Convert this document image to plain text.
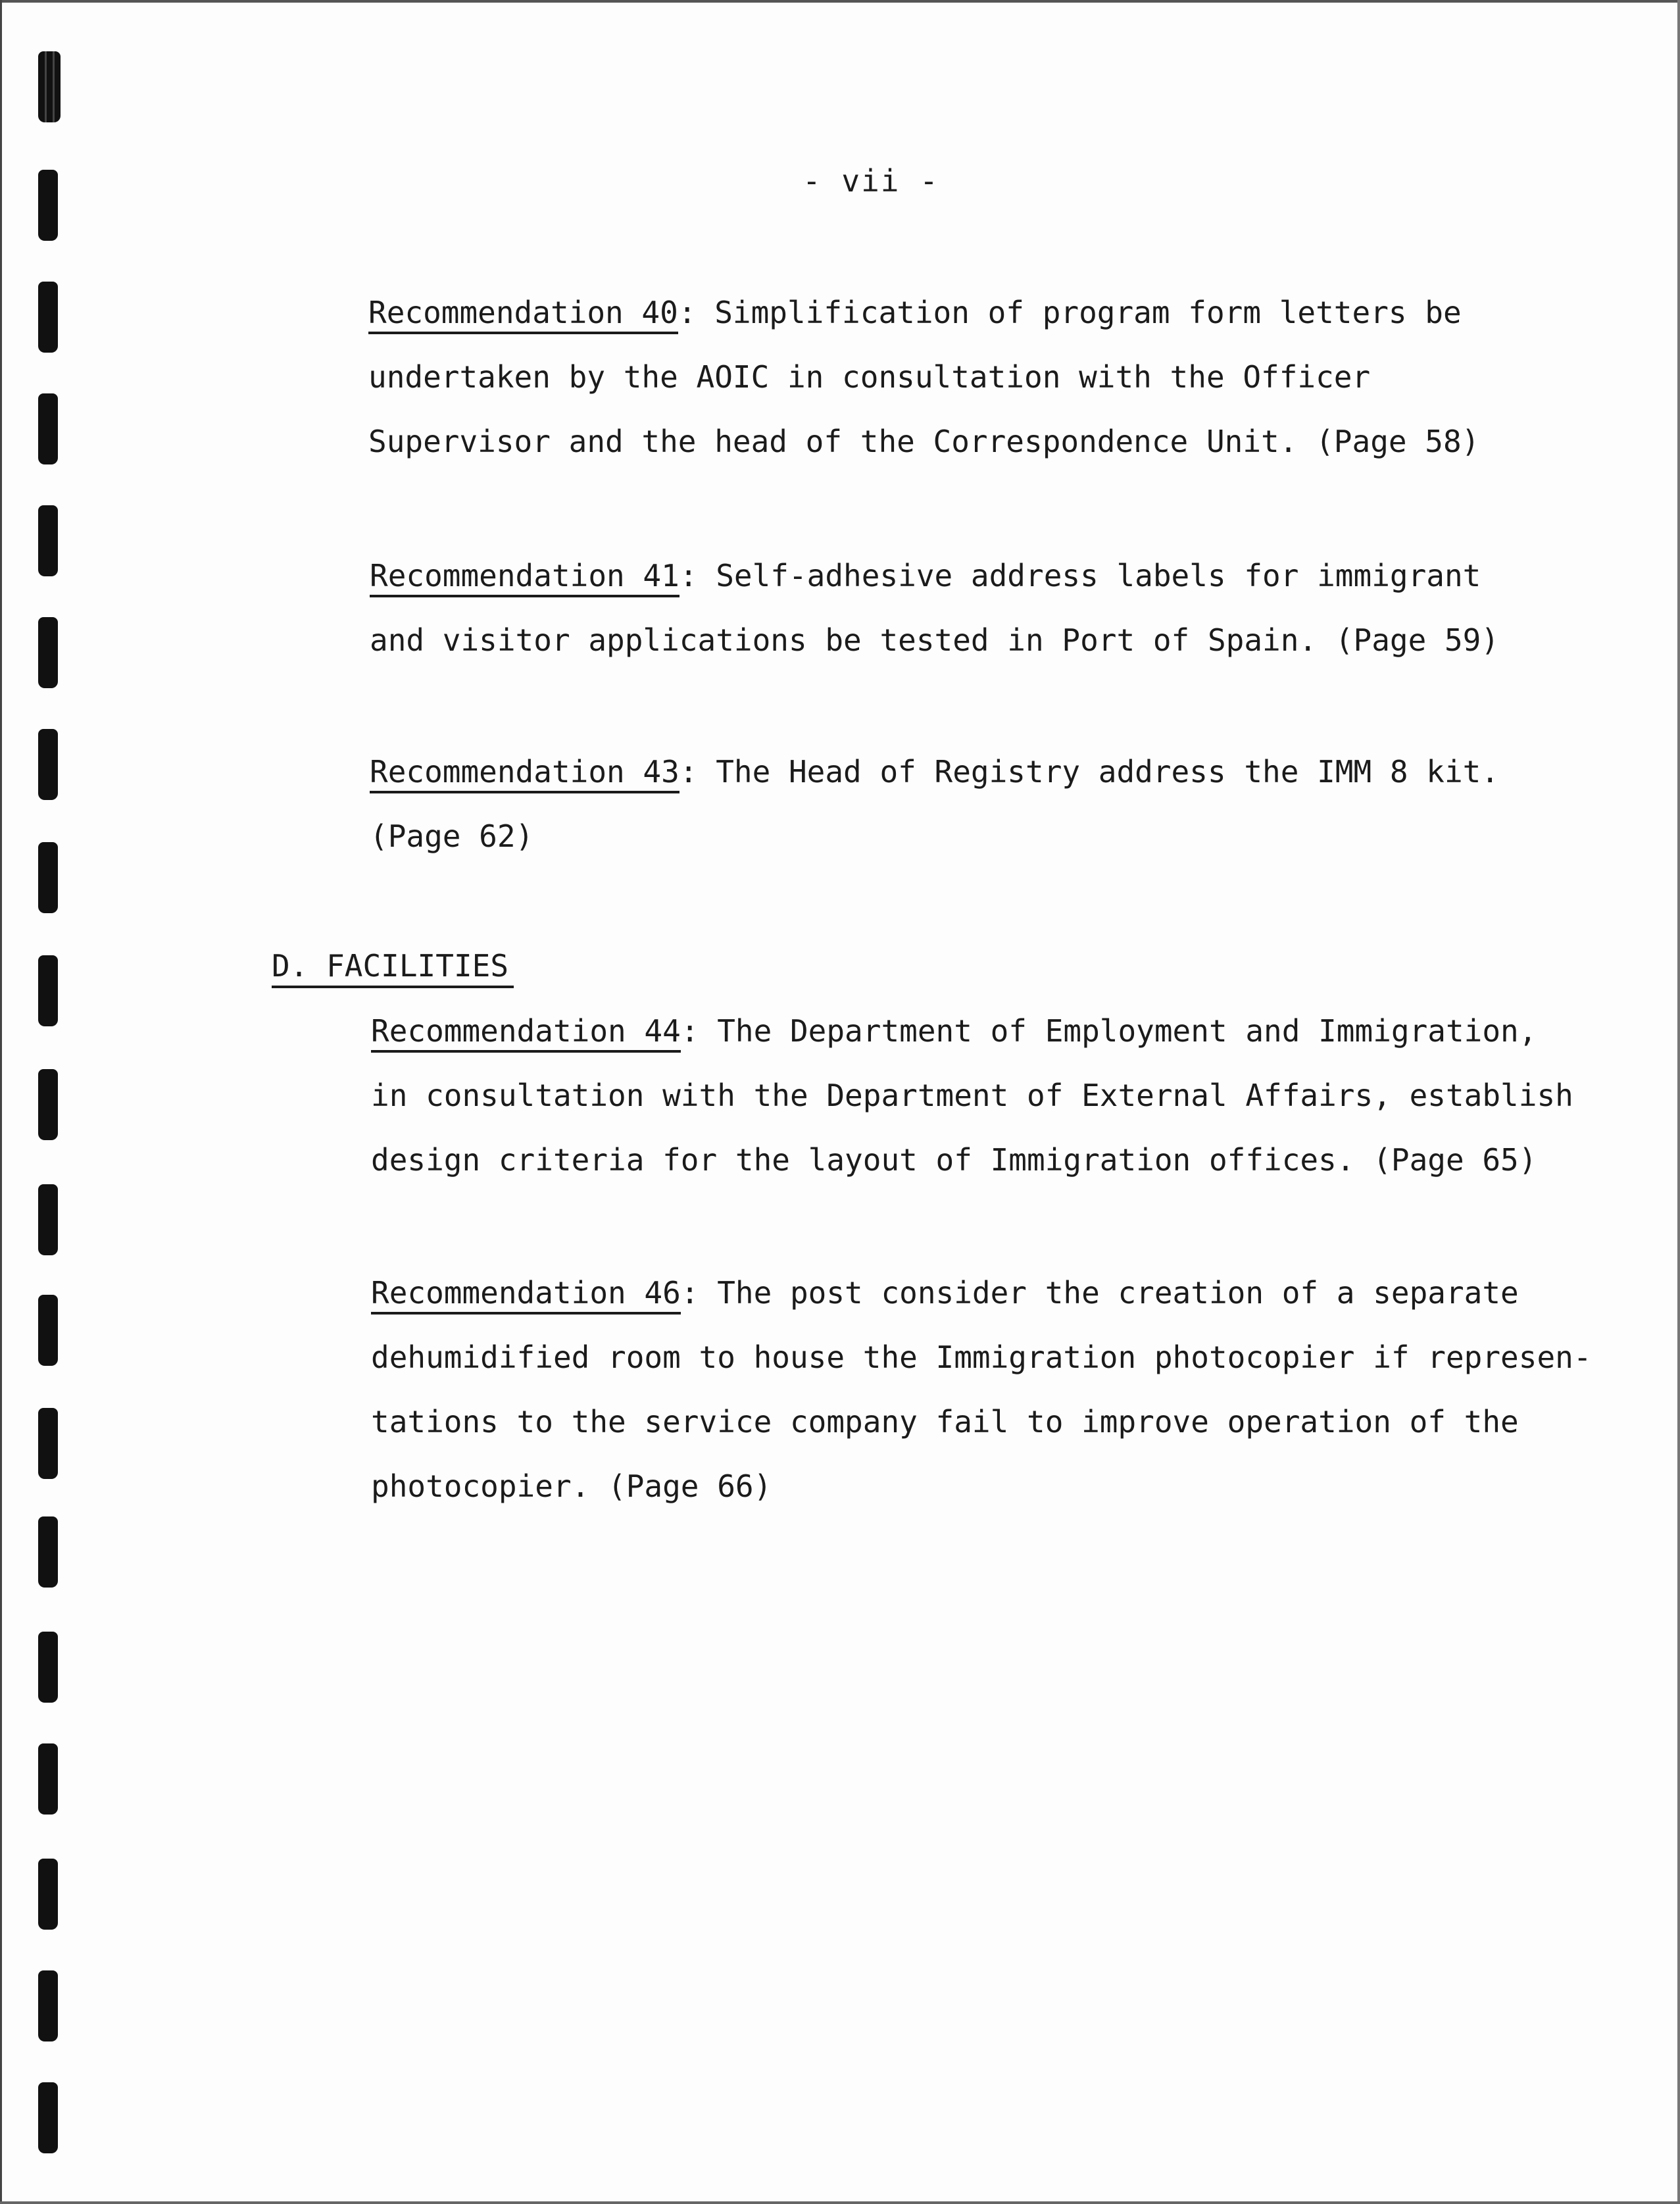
- vii -
Recommendation 40: Simplification of program form letters be
undertaken by the AOIC in consultation with the Officer
Supervisor and the head of the Correspondence Unit. (Page 58)
Recommendation 41: Self-adhesive address labels for immigrant
and visitor applications be tested in Port of Spain. (Page 59)
Recommendation 43: The Head of Registry address the IMM 8 kit.
(Page 62)
D. FACILITIES
Recommendation 44: The Department of Employment and Immigration,
in consultation with the Department of External Affairs, establish
design criteria for the layout of Immigration offices. (Page 65)
Recommendation 46: The post consider the creation of a separate
dehumidified room to house the Immigration photocopier if represen-
tations to the service company fail to improve operation of the
photocopier. (Page 66)
